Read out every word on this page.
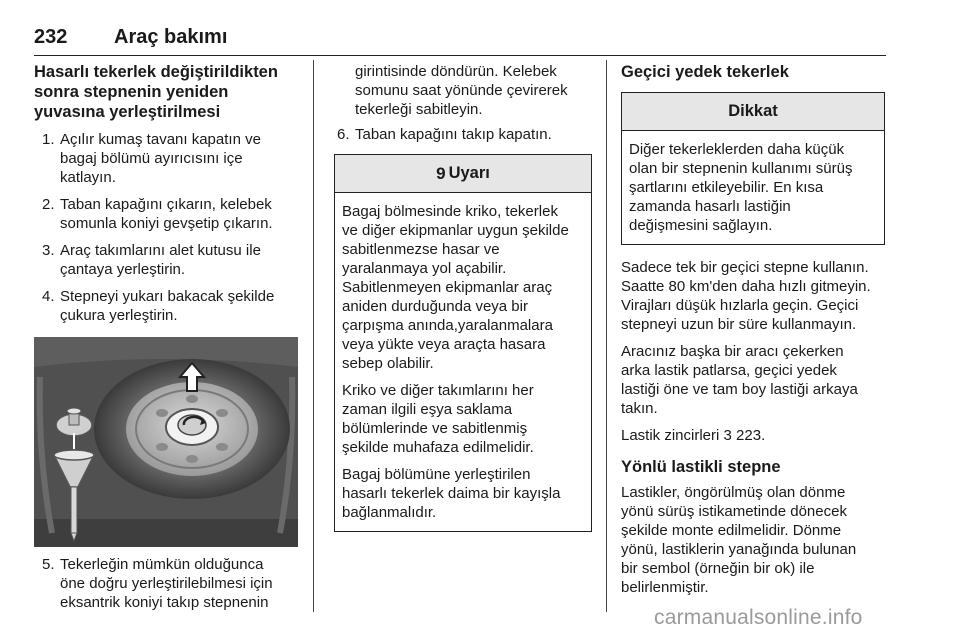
232 Araç bakımı
Hasarlı tekerlek değiştirildikten
sonra stepnenin yeniden
yuvasına yerleştirilmesi
1. Açılır kumaş tavanı kapatın ve
bagaj bölümü ayırıcısını içe
katlayın.
2. Taban kapağını çıkarın, kelebek
somunla koniyi gevşetip çıkarın.
3. Araç takımlarını alet kutusu ile
çantaya yerleştirin.
4. Stepneyi yukarı bakacak şekilde
çukura yerleştirin.
5. Tekerleğin mümkün olduğunca
öne doğru yerleştirilebilmesi için
eksantrik koniyi takıp stepnenin
girintisinde döndürün. Kelebek
somunu saat yönünde çevirerek
tekerleği sabitleyin.
6. Taban kapağını takıp kapatın.
9 Uyarı

Bagaj bölmesinde kriko, tekerlek
ve diğer ekipmanlar uygun şekilde
sabitlenmezse hasar ve
yaralanmaya yol açabilir.
Sabitlenmeyen ekipmanlar araç
aniden durduğunda veya bir
çarpışma anında,yaralanmalara
veya yükte veya araçta hasara
sebep olabilir.

Kriko ve diğer takımlarını her
zaman ilgili eşya saklama
bölümlerinde ve sabitlenmiş
şekilde muhafaza edilmelidir.

Bagaj bölümüne yerleştirilen
hasarlı tekerlek daima bir kayışla
bağlanmalıdır.

Geçici yedek tekerlek
Dikkat
Diğer tekerleklerden daha küçük
olan bir stepnenin kullanımı sürüş
şartlarını etkileyebilir. En kısa
zamanda hasarlı lastiğin
değişmesini sağlayın.
Sadece tek bir geçici stepne kullanın.
Saatte 80 km'den daha hızlı gitmeyin.
Virajları düşük hızlarla geçin. Geçici
stepneyi uzun bir süre kullanmayın.
Aracınız başka bir aracı çekerken
arka lastik patlarsa, geçici yedek
lastiği öne ve tam boy lastiği arkaya
takın.
Lastik zincirleri 3 223.
Yönlü lastikli stepne
Lastikler, öngörülmüş olan dönme
yönü sürüş istikametinde dönecek
şekilde monte edilmelidir. Dönme
yönü, lastiklerin yanağında bulunan
bir sembol (örneğin bir ok) ile
belirlenmiştir.
carmanualsonline.info
